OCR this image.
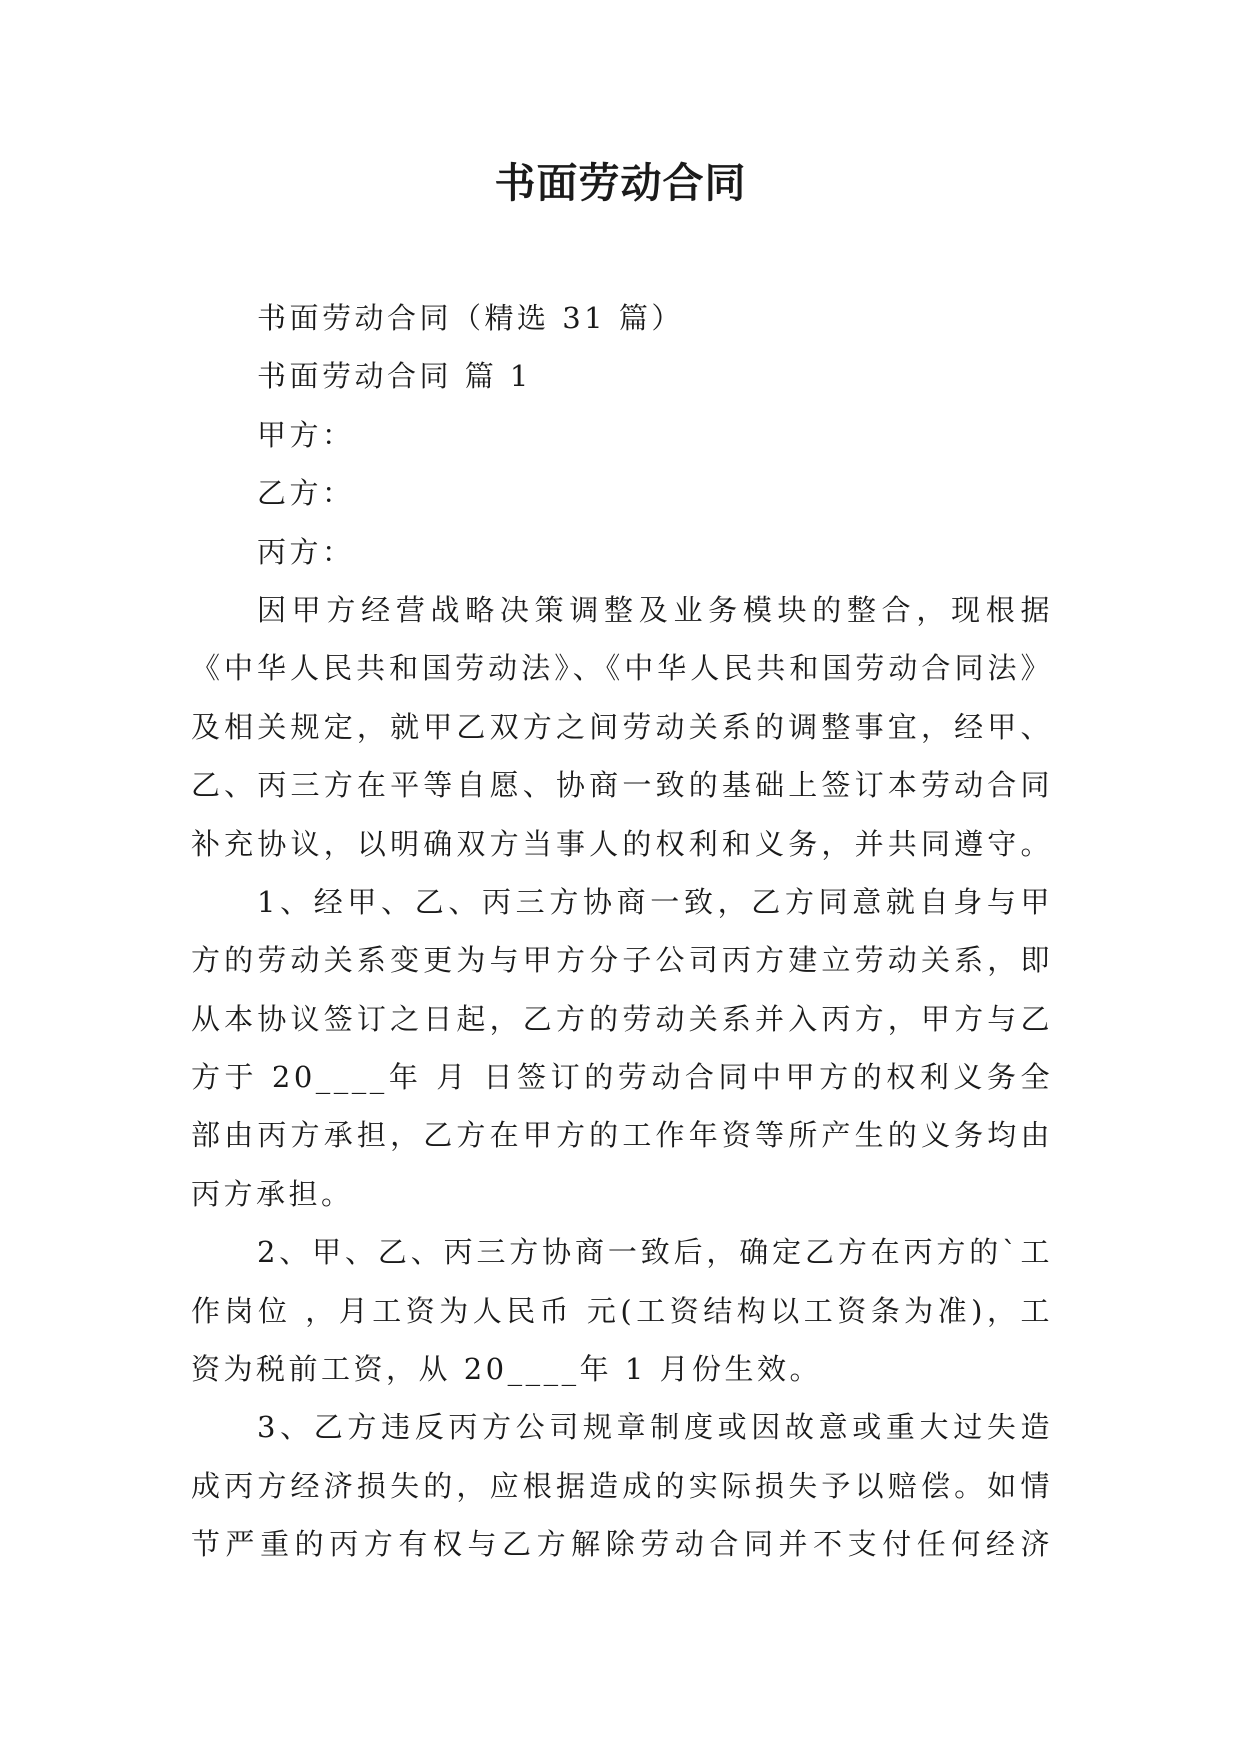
书面劳动合同

书面劳动合同（精选 31 篇）

书面劳动合同 篇 1

甲方：

乙方：

丙方：

因甲方经营战略决策调整及业务模块的整合，现根据

《中华人民共和国劳动法》、《中华人民共和国劳动合同法》

及相关规定，就甲乙双方之间劳动关系的调整事宜，经甲、

乙、丙三方在平等自愿、协商一致的基础上签订本劳动合同

补充协议，以明确双方当事人的权利和义务，并共同遵守。

1、经甲、乙、丙三方协商一致，乙方同意就自身与甲

方的劳动关系变更为与甲方分子公司丙方建立劳动关系，即

从本协议签订之日起，乙方的劳动关系并入丙方，甲方与乙

方于 20____年 月 日签订的劳动合同中甲方的权利义务全

部由丙方承担，乙方在甲方的工作年资等所产生的义务均由

丙方承担。

2、甲、乙、丙三方协商一致后，确定乙方在丙方的`工

作岗位 ，月工资为人民币 元(工资结构以工资条为准)，工

资为税前工资，从 20____年 1 月份生效。

3、乙方违反丙方公司规章制度或因故意或重大过失造

成丙方经济损失的，应根据造成的实际损失予以赔偿。如情

节严重的丙方有权与乙方解除劳动合同并不支付任何经济
